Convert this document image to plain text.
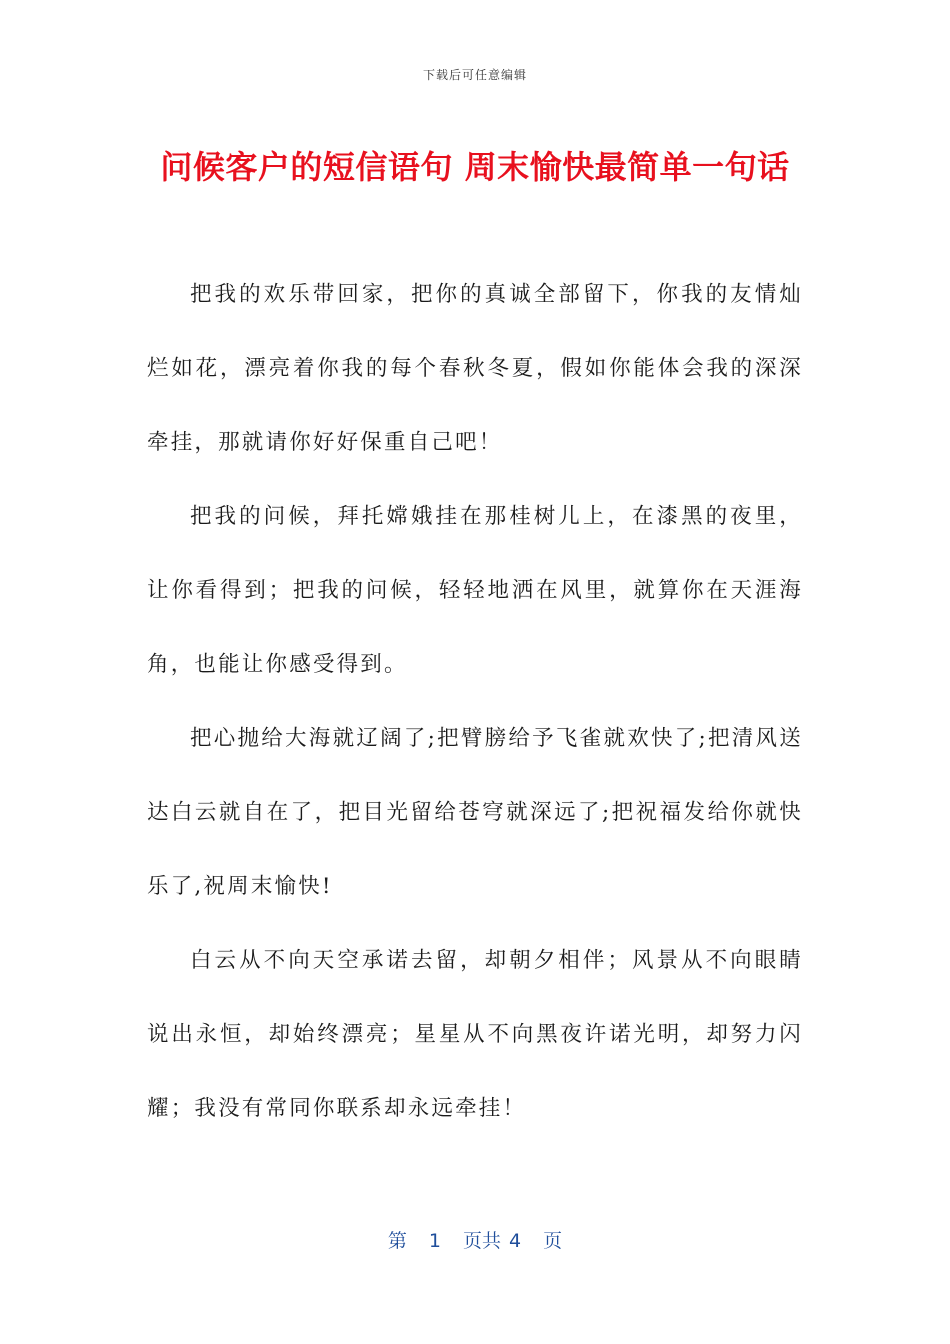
下载后可任意编辑
问候客户的短信语句 周末愉快最简单一句话

把我的欢乐带回家，把你的真诚全部留下，你我的友情灿烂如花，漂亮着你我的每个春秋冬夏，假如你能体会我的深深牵挂，那就请你好好保重自己吧！

把我的问候，拜托嫦娥挂在那桂树儿上，在漆黑的夜里，让你看得到；把我的问候，轻轻地洒在风里，就算你在天涯海角，也能让你感受得到。

把心抛给大海就辽阔了;把臂膀给予飞雀就欢快了;把清风送达白云就自在了，把目光留给苍穹就深远了;把祝福发给你就快乐了,祝周末愉快!

白云从不向天空承诺去留，却朝夕相伴；风景从不向眼睛说出永恒，却始终漂亮；星星从不向黑夜许诺光明，却努力闪耀；我没有常同你联系却永远牵挂！

第 1 页共 4 页
